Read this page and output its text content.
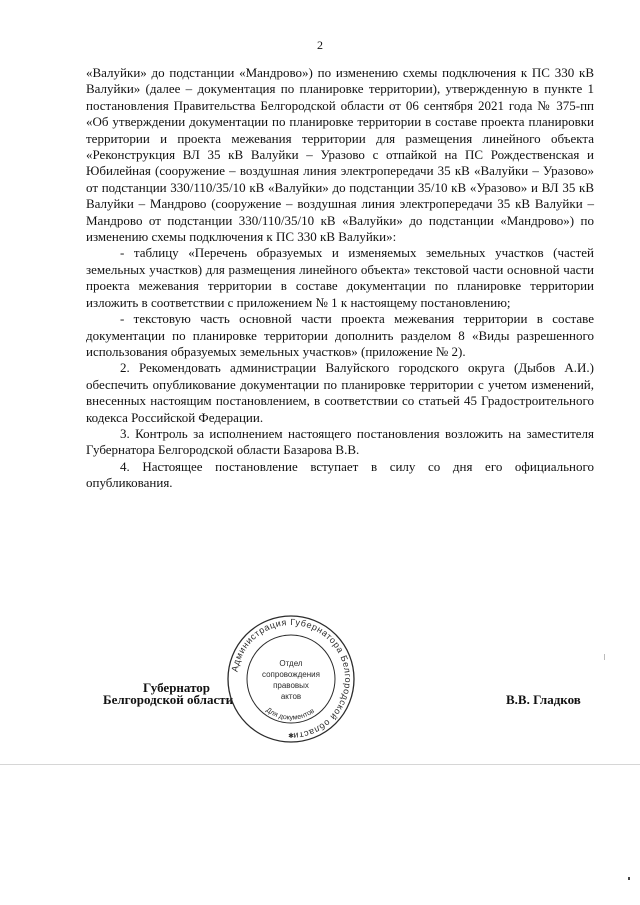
2

«Валуйки» до подстанции «Мандрово») по изменению схемы подключения к ПС 330 кВ Валуйки» (далее – документация по планировке территории), утвержденную в пункте 1 постановления Правительства Белгородской области от 06 сентября 2021 года № 375-пп «Об утверждении документации по планировке территории в составе проекта планировки территории и проекта межевания территории для размещения линейного объекта «Реконструкция ВЛ 35 кВ Валуйки – Уразово с отпайкой на ПС Рождественская и Юбилейная (сооружение – воздушная линия электропередачи 35 кВ «Валуйки – Уразово» от подстанции 330/110/35/10 кВ «Валуйки» до подстанции 35/10 кВ «Уразово» и ВЛ 35 кВ Валуйки – Мандрово (сооружение – воздушная линия электропередачи 35 кВ Валуйки – Мандрово от подстанции 330/110/35/10 кВ «Валуйки» до подстанции «Мандрово») по изменению схемы подключения к ПС 330 кВ Валуйки»:

- таблицу «Перечень образуемых и изменяемых земельных участков (частей земельных участков) для размещения линейного объекта» текстовой части основной части проекта межевания территории в составе документации по планировке территории изложить в соответствии с приложением № 1 к настоящему постановлению;

- текстовую часть основной части проекта межевания территории в составе документации по планировке территории дополнить разделом 8 «Виды разрешенного использования образуемых земельных участков» (приложение № 2).

2. Рекомендовать администрации Валуйского городского округа (Дыбов А.И.) обеспечить опубликование документации по планировке территории с учетом изменений, внесенных настоящим постановлением, в соответствии со статьей 45 Градостроительного кодекса Российской Федерации.

3. Контроль за исполнением настоящего постановления возложить на заместителя Губернатора Белгородской области Базарова В.В.

4. Настоящее постановление вступает в силу со дня его официального опубликования.

Губернатор
Белгородской области	В.В. Гладков
Администрация Губернатора Белгородской области
Отдел
сопровождения
правовых
актов
Для документов
✱
